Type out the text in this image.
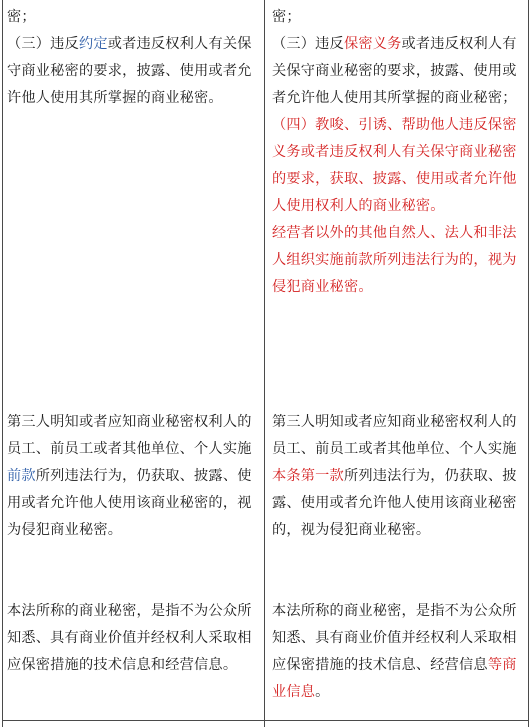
密；

（三）违反约定或者违反权利人有关保守商业秘密的要求，披露、使用或者允许他人使用其所掌握的商业秘密。

密；

（三）违反保密义务或者违反权利人有关保守商业秘密的要求，披露、使用或者允许他人使用其所掌握的商业秘密；

（四）教唆、引诱、帮助他人违反保密义务或者违反权利人有关保守商业秘密的要求，获取、披露、使用或者允许他人使用权利人的商业秘密。

经营者以外的其他自然人、法人和非法人组织实施前款所列违法行为的，视为侵犯商业秘密。

第三人明知或者应知商业秘密权利人的员工、前员工或者其他单位、个人实施前款所列违法行为，仍获取、披露、使用或者允许他人使用该商业秘密的，视为侵犯商业秘密。

第三人明知或者应知商业秘密权利人的员工、前员工或者其他单位、个人实施本条第一款所列违法行为，仍获取、披露、使用或者允许他人使用该商业秘密的，视为侵犯商业秘密。

本法所称的商业秘密，是指不为公众所知悉、具有商业价值并经权利人采取相应保密措施的技术信息和经营信息。

本法所称的商业秘密，是指不为公众所知悉、具有商业价值并经权利人采取相应保密措施的技术信息、经营信息等商业信息。
